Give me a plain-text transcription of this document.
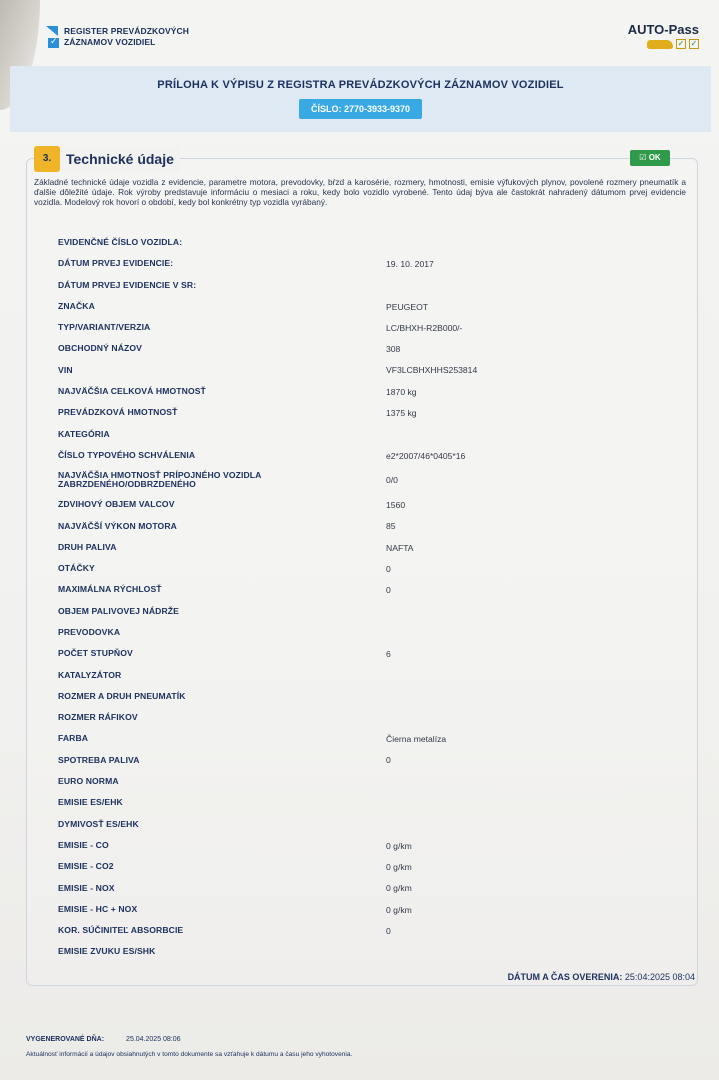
✓
REGISTER PREVÁDZKOVÝCH
ZÁZNAMOV VOZIDIEL
AUTO-Pass
✓ ✓
PRÍLOHA K VÝPISU Z REGISTRA PREVÁDZKOVÝCH ZÁZNAMOV VOZIDIEL
ČÍSLO: 2770-3933-9370
3.	Technické údaje	☑ OK
Základné technické údaje vozidla z evidencie, parametre motora, prevodovky, bŕzd a karosérie, rozmery, hmotnosti, emisie výfukových plynov, povolené rozmery pneumatík a ďalšie dôležité údaje. Rok výroby predstavuje informáciu o mesiaci a roku, kedy bolo vozidlo vyrobené. Tento údaj býva ale častokrát nahradený dátumom prvej evidencie vozidla. Modelový rok hovorí o období, kedy bol konkrétny typ vozidla vyrábaný.
EVIDENČNÉ ČÍSLO VOZIDLA:
DÁTUM PRVEJ EVIDENCIE:	19. 10. 2017
DÁTUM PRVEJ EVIDENCIE V SR:
ZNAČKA	PEUGEOT
TYP/VARIANT/VERZIA	LC/BHXH-R2B000/-
OBCHODNÝ NÁZOV	308
VIN	VF3LCBHXHHS253814
NAJVÄČŠIA CELKOVÁ HMOTNOSŤ	1870 kg
PREVÁDZKOVÁ HMOTNOSŤ	1375 kg
KATEGÓRIA
ČÍSLO TYPOVÉHO SCHVÁLENIA	e2*2007/46*0405*16
NAJVÄČŠIA HMOTNOSŤ PRÍPOJNÉHO VOZIDLA ZABRZDENÉHO/ODBRZDENÉHO	0/0
ZDVIHOVÝ OBJEM VALCOV	1560
NAJVÄČŠÍ VÝKON MOTORA	85
DRUH PALIVA	NAFTA
OTÁČKY	0
MAXIMÁLNA RÝCHLOSŤ	0
OBJEM PALIVOVEJ NÁDRŽE
PREVODOVKA
POČET STUPŇOV	6
KATALYZÁTOR
ROZMER A DRUH PNEUMATÍK
ROZMER RÁFIKOV
FARBA	Čierna metalíza
SPOTREBA PALIVA	0
EURO NORMA
EMISIE ES/EHK
DYMIVOSŤ ES/EHK
EMISIE - CO	0 g/km
EMISIE - CO2	0 g/km
EMISIE - NOX	0 g/km
EMISIE - HC + NOX	0 g/km
KOR. SÚČINITEĽ ABSORBCIE	0
EMISIE ZVUKU ES/SHK
DÁTUM A ČAS OVERENIA: 25:04:2025 08:04
VYGENEROVANÉ DŇA:	25.04.2025 08:06
Aktuálnosť informácií a údajov obsiahnutých v tomto dokumente sa vzťahuje k dátumu a času jeho vyhotovenia.
